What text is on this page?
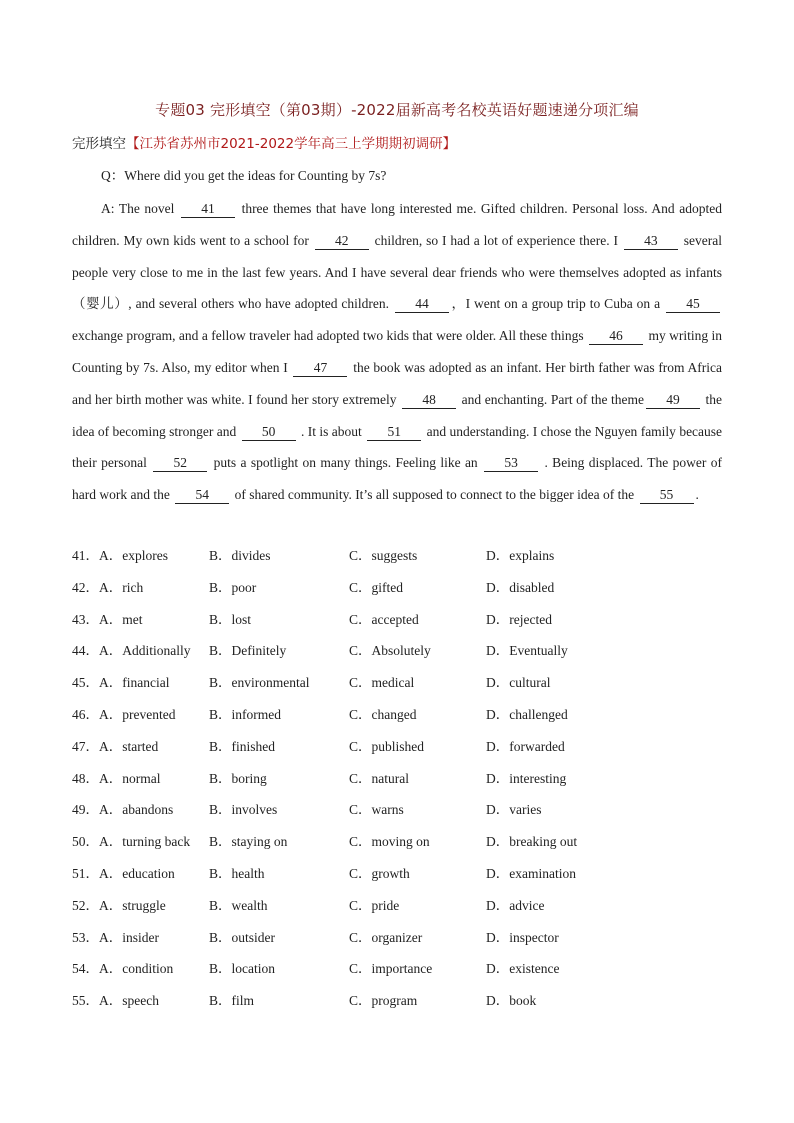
专题03 完形填空（第03期）-2022届新高考名校英语好题速递分项汇编
完形填空【江苏省苏州市2021-2022学年高三上学期期初调研】
Q：Where did you get the ideas for Counting by 7s?
A: The novel 41 three themes that have long interested me. Gifted children. Personal loss. And adopted children. My own kids went to a school for 42 children, so I had a lot of experience there. I 43 several people very close to me in the last few years. And I have several dear friends who were themselves adopted as infants（婴儿）, and several others who have adopted children. 44 ，I went on a group trip to Cuba on a 45 exchange program, and a fellow traveler had adopted two kids that were older. All these things 46 my writing in Counting by 7s. Also, my editor when I 47 the book was adopted as an infant. Her birth father was from Africa and her birth mother was white. I found her story extremely 48 and enchanting. Part of the theme 49 the idea of becoming stronger and 50 . It is about 51 and understanding. I chose the Nguyen family because their personal 52 puts a spotlight on many things. Feeling like an 53 . Being displaced. The power of hard work and the 54 of shared community. It’s all supposed to connect to the bigger idea of the 55 .
41． A．explores	B．divides	C．suggests	D．explains
42． A．rich	B．poor	C．gifted	D．disabled
43． A．met	B．lost	C．accepted	D．rejected
44． A．Additionally B．Definitely	C．Absolutely	D．Eventually
45． A．financial	B．environmental	C．medical	D．cultural
46． A．prevented B．informed	C．changed	D．challenged
47． A．started	B．finished	C．published	D．forwarded
48． A．normal	B．boring	C．natural	D．interesting
49． A．abandons	B．involves	C．warns	D．varies
50． A．turning back B．staying on	C．moving on	D．breaking out
51． A．education	B．health	C．growth	D．examination
52． A．struggle	B．wealth	C．pride	D．advice
53． A．insider	B．outsider	C．organizer	D．inspector
54． A．condition	B．location	C．importance	D．existence
55． A．speech	B．film	C．program	D．book
